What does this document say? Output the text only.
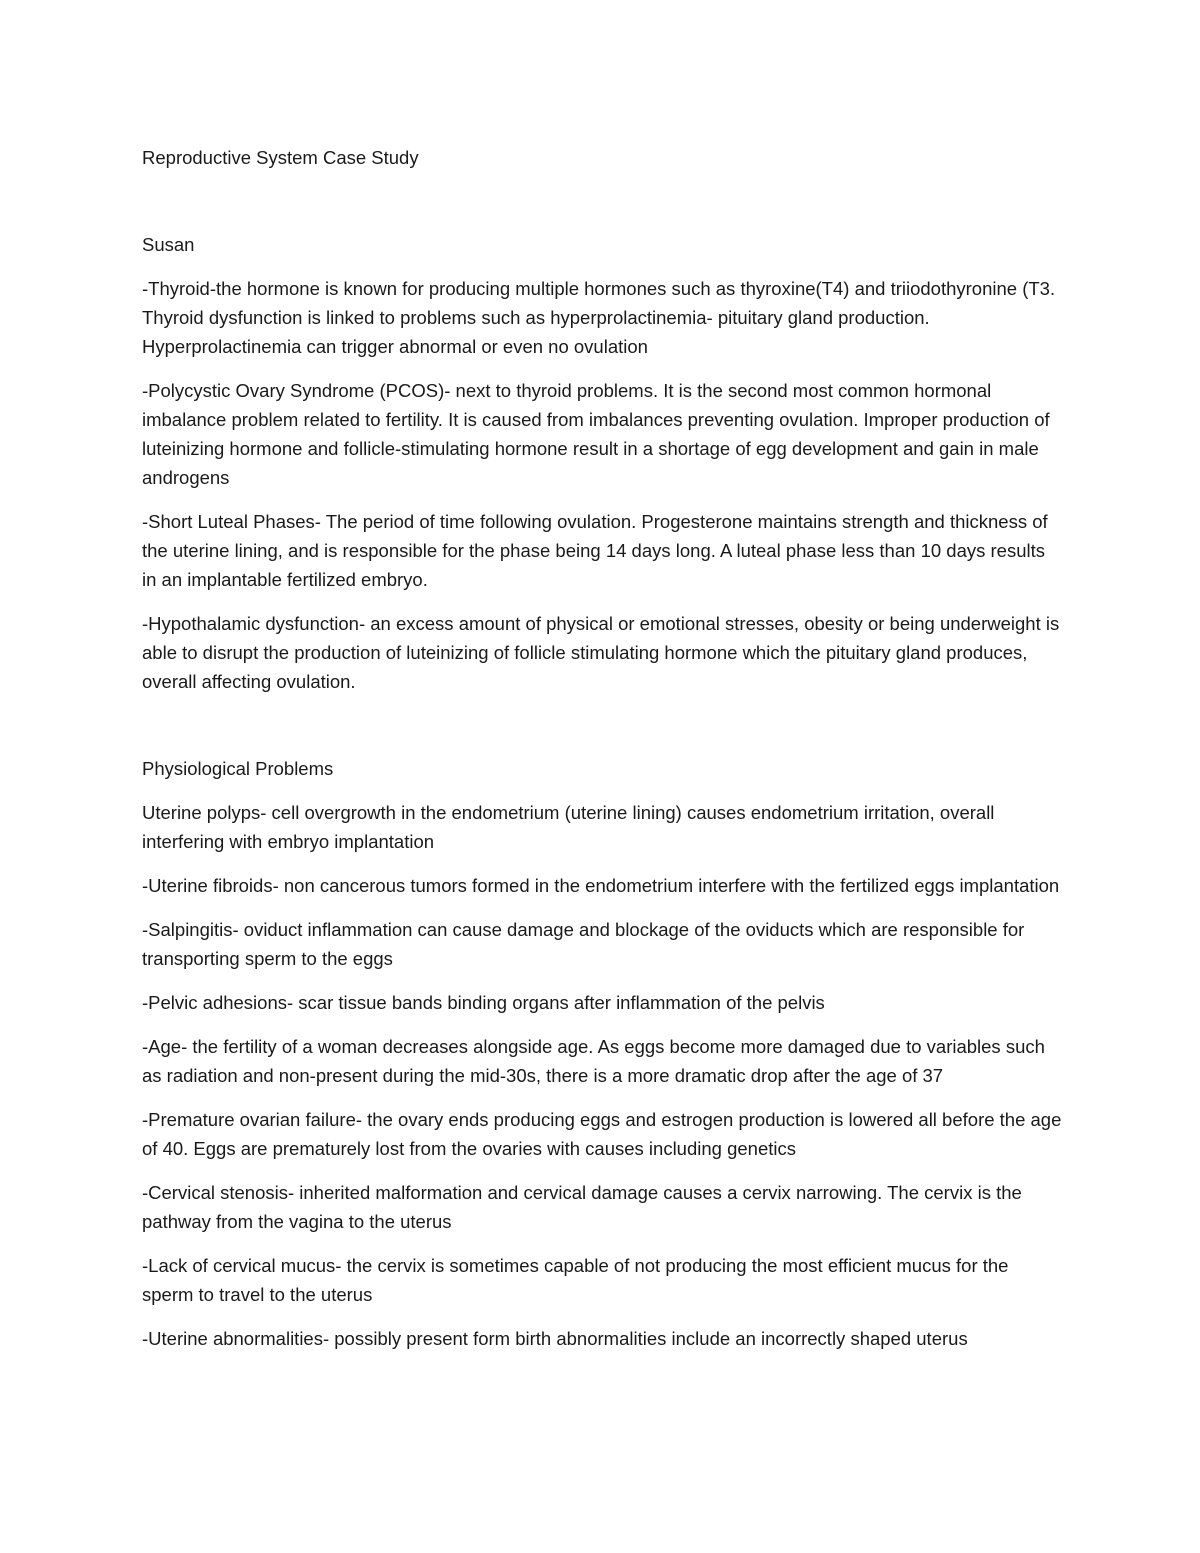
Reproductive System Case Study

Susan

-Thyroid-the hormone is known for producing multiple hormones such as thyroxine(T4) and triiodothyronine (T3. Thyroid dysfunction is linked to problems such as hyperprolactinemia- pituitary gland production. Hyperprolactinemia can trigger abnormal or even no ovulation

-Polycystic Ovary Syndrome (PCOS)- next to thyroid problems. It is the second most common hormonal imbalance problem related to fertility. It is caused from imbalances preventing ovulation. Improper production of luteinizing hormone and follicle-stimulating hormone result in a shortage of egg development and gain in male androgens

-Short Luteal Phases- The period of time following ovulation. Progesterone maintains strength and thickness of the uterine lining, and is responsible for the phase being 14 days long. A luteal phase less than 10 days results in an implantable fertilized embryo.

-Hypothalamic dysfunction- an excess amount of physical or emotional stresses, obesity or being underweight is able to disrupt the production of luteinizing of follicle stimulating hormone which the pituitary gland produces, overall affecting ovulation.

Physiological Problems

Uterine polyps- cell overgrowth in the endometrium (uterine lining) causes endometrium irritation, overall interfering with embryo implantation

-Uterine fibroids- non cancerous tumors formed in the endometrium interfere with the fertilized eggs implantation

-Salpingitis- oviduct inflammation can cause damage and blockage of the oviducts which are responsible for transporting sperm to the eggs

-Pelvic adhesions- scar tissue bands binding organs after inflammation of the pelvis

-Age- the fertility of a woman decreases alongside age. As eggs become more damaged due to variables such as radiation and non-present during the mid-30s, there is a more dramatic drop after the age of 37

-Premature ovarian failure- the ovary ends producing eggs and estrogen production is lowered all before the age of 40. Eggs are prematurely lost from the ovaries with causes including genetics

-Cervical stenosis- inherited malformation and cervical damage causes a cervix narrowing. The cervix is the pathway from the vagina to the uterus

-Lack of cervical mucus- the cervix is sometimes capable of not producing the most efficient mucus for the sperm to travel to the uterus

-Uterine abnormalities- possibly present form birth abnormalities include an incorrectly shaped uterus
